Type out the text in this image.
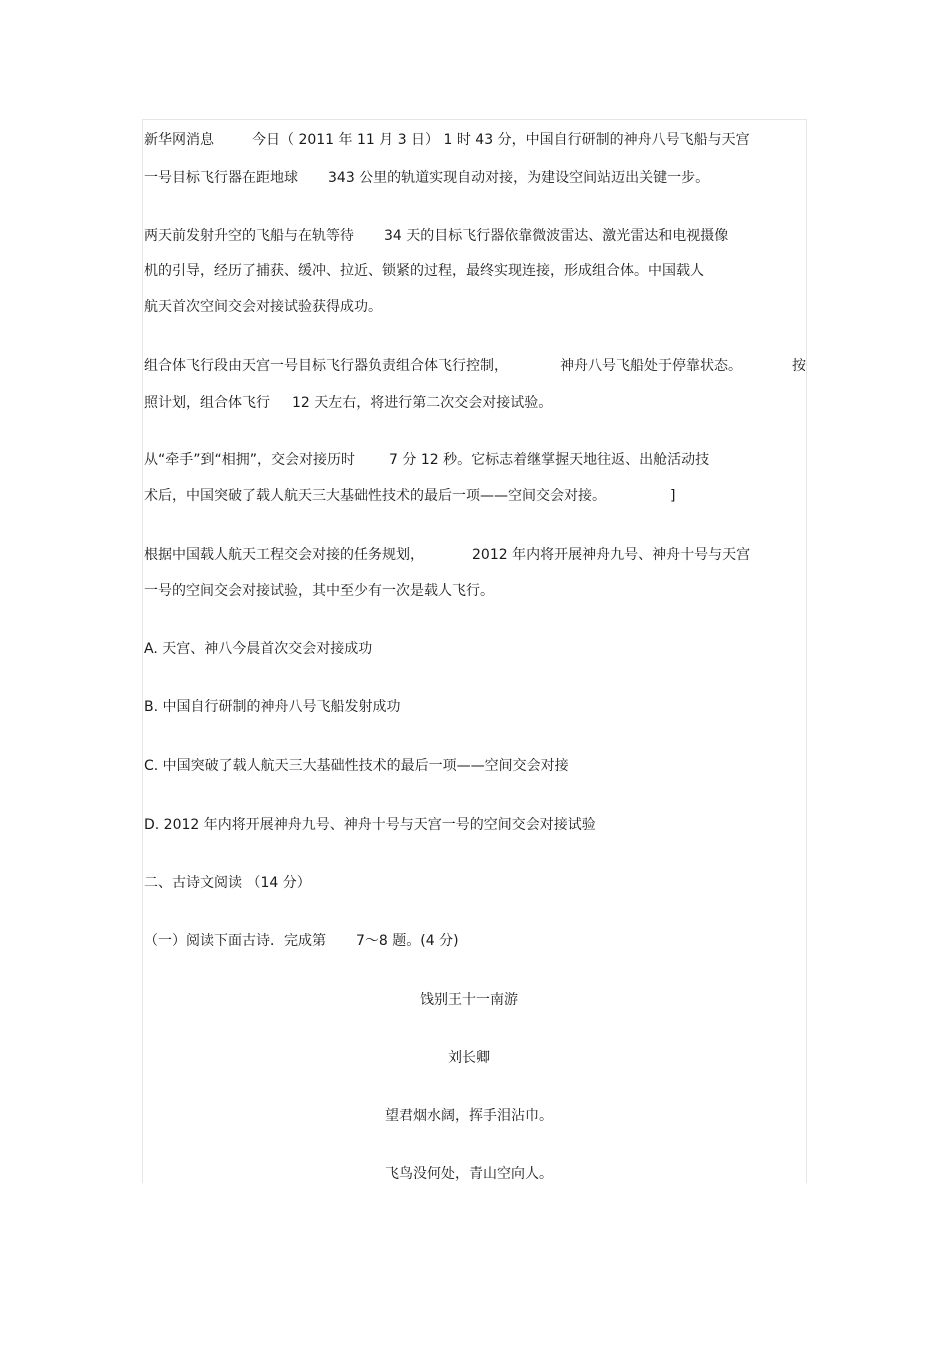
新华网消息	今日（ 2011 年 11 月 3 日） 1 时 43 分，中国自行研制的神舟八号飞船与天宫
一号目标飞行器在距地球 343 公里的轨道实现自动对接，为建设空间站迈出关键一步。
两天前发射升空的飞船与在轨等待 34 天的目标飞行器依靠微波雷达、激光雷达和电视摄像
机的引导，经历了捕获、缓冲、拉近、锁紧的过程，最终实现连接，形成组合体。中国载人
航天首次空间交会对接试验获得成功。
组合体飞行段由天宫一号目标飞行器负责组合体飞行控制，	神舟八号飞船处于停靠状态。	按
照计划，组合体飞行 12 天左右，将进行第二次交会对接试验。
从“牵手”到“相拥”，交会对接历时 7 分 12 秒。它标志着继掌握天地往返、出舱活动技
术后，中国突破了载人航天三大基础性技术的最后一项——空间交会对接。	]
根据中国载人航天工程交会对接的任务规划，	2012 年内将开展神舟九号、神舟十号与天宫
一号的空间交会对接试验，其中至少有一次是载人飞行。
A. 天宫、神八今晨首次交会对接成功
B. 中国自行研制的神舟八号飞船发射成功
C. 中国突破了载人航天三大基础性技术的最后一项——空间交会对接
D. 2012 年内将开展神舟九号、神舟十号与天宫一号的空间交会对接试验
二、古诗文阅读 （14 分）
（一）阅读下面古诗．完成第 7～8 题。(4 分)
饯别王十一南游
刘长卿
望君烟水阔，挥手泪沾巾。
飞鸟没何处，青山空向人。
